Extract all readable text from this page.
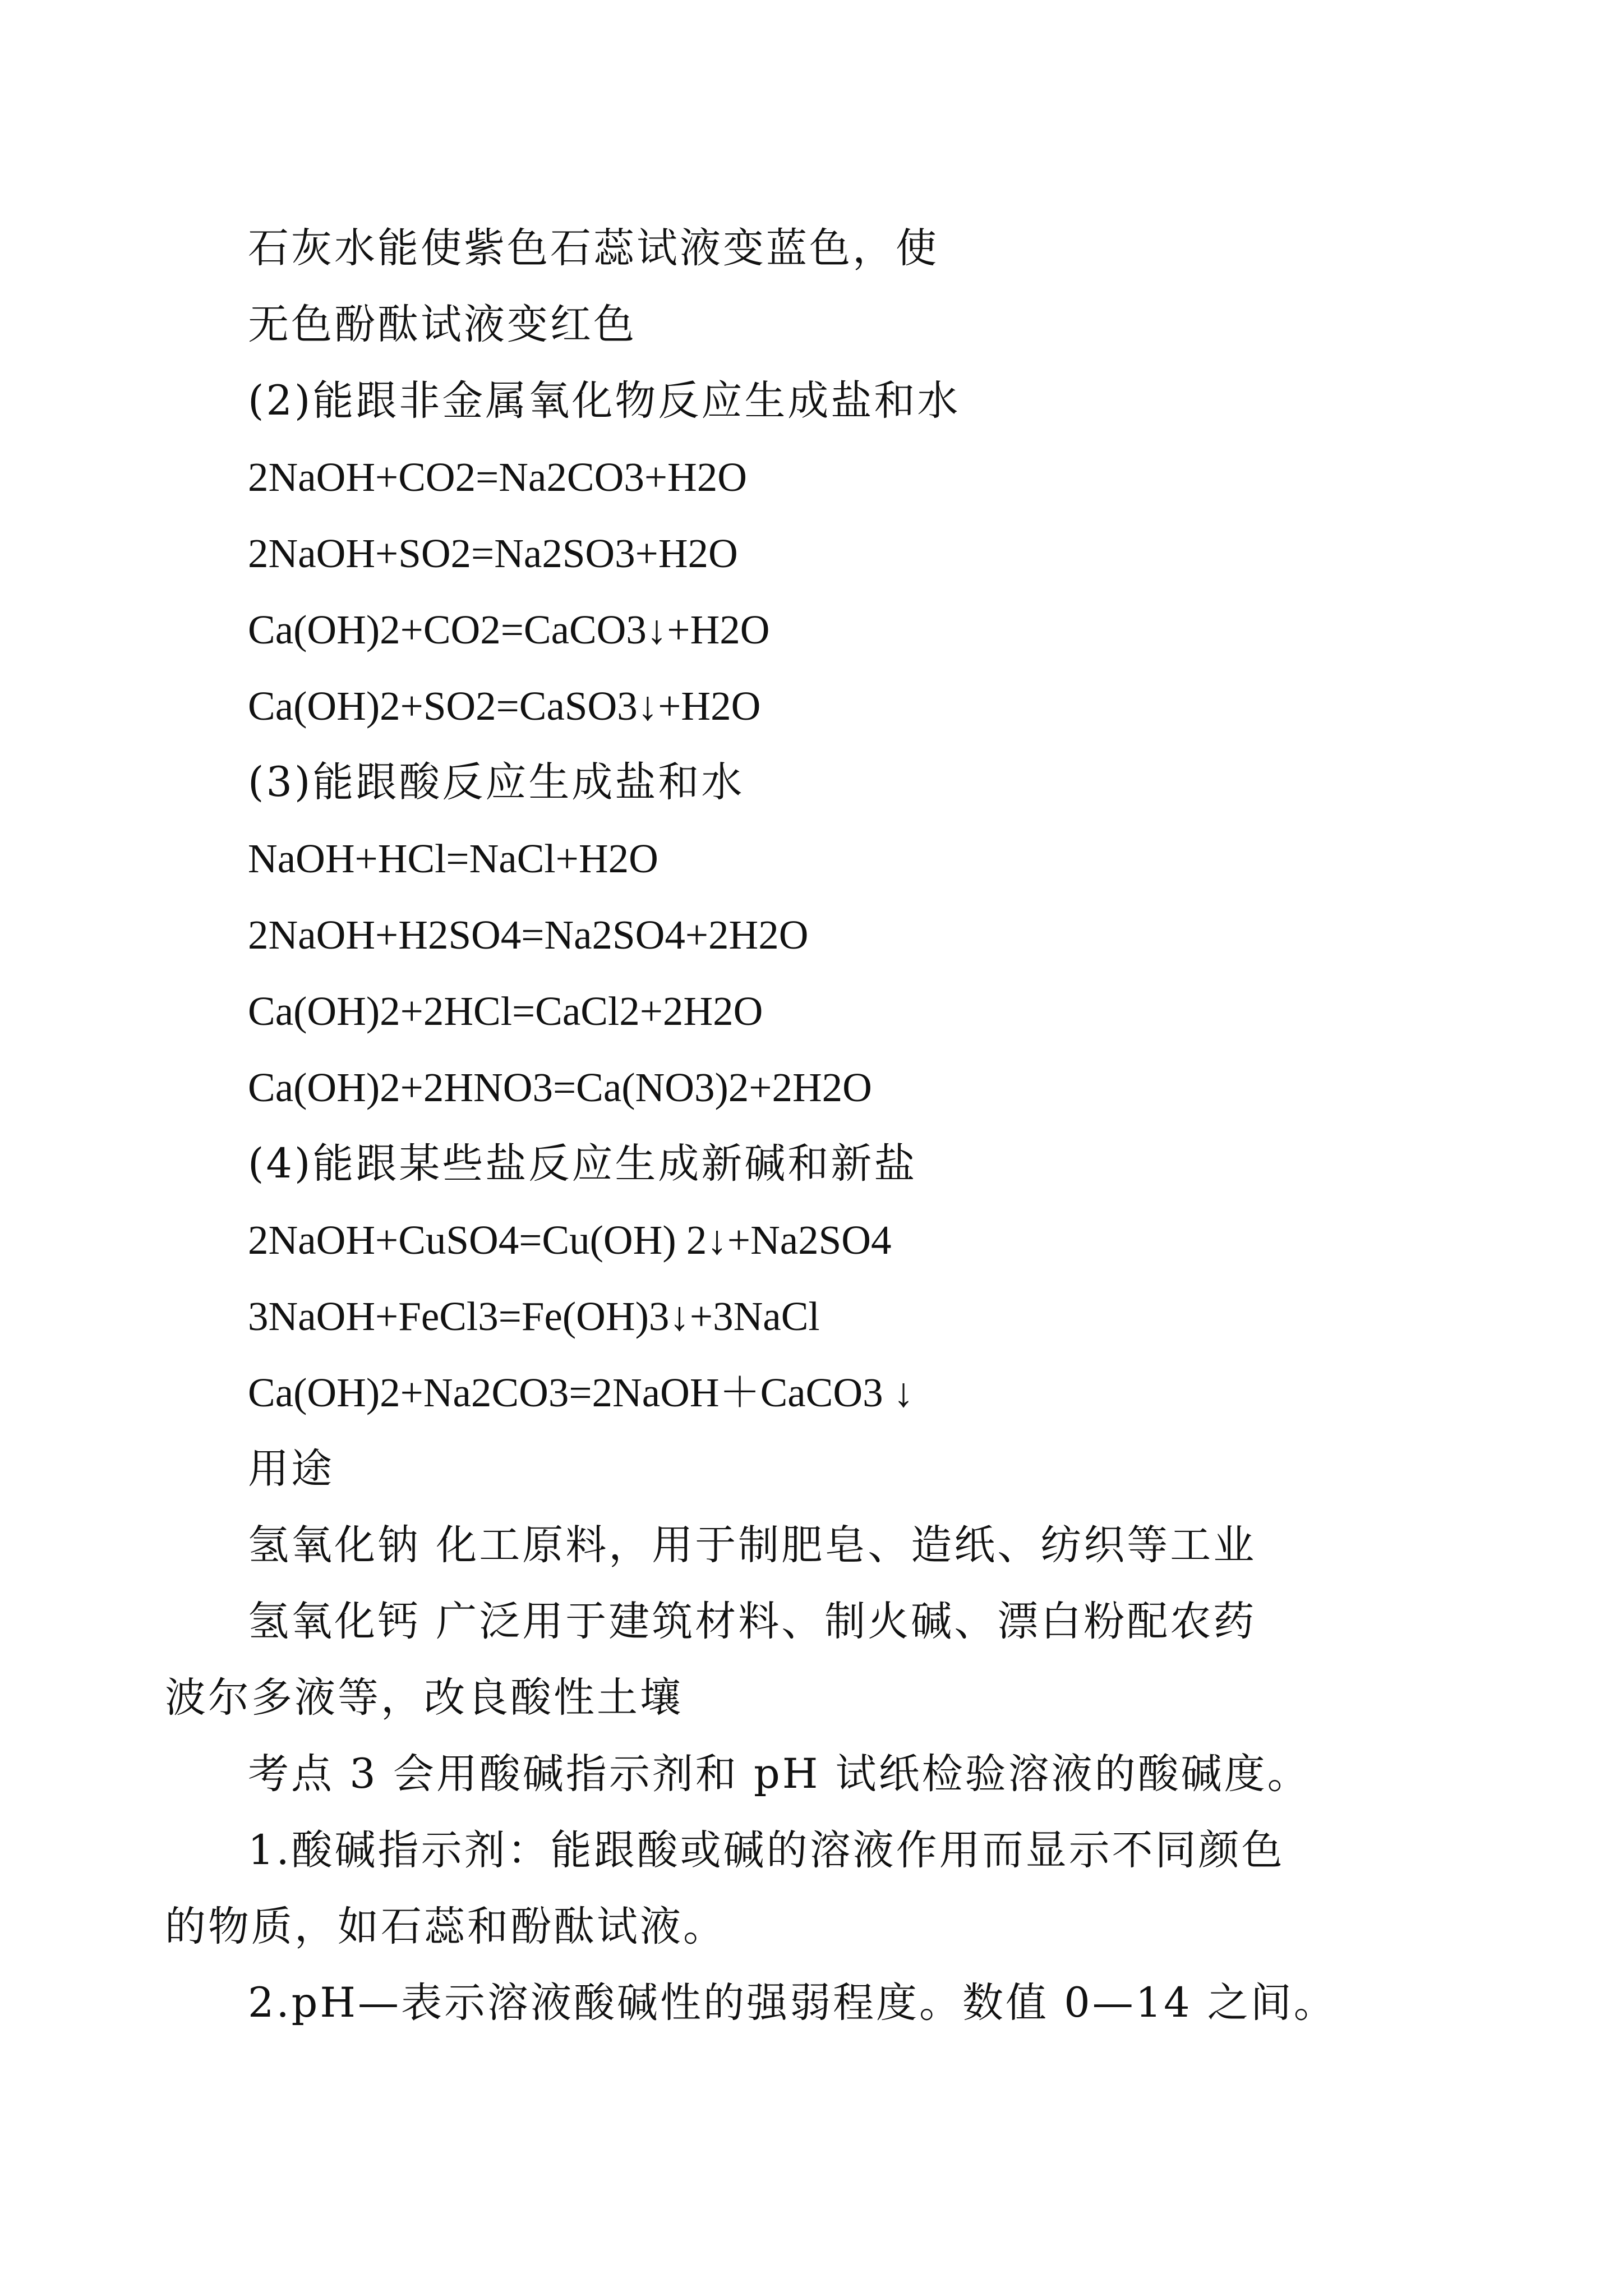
石灰水能使紫色石蕊试液变蓝色，使
无色酚酞试液变红色
(2)能跟非金属氧化物反应生成盐和水
2NaOH+CO2=Na2CO3+H2O
2NaOH+SO2=Na2SO3+H2O
Ca(OH)2+CO2=CaCO3↓+H2O
Ca(OH)2+SO2=CaSO3↓+H2O
(3)能跟酸反应生成盐和水
NaOH+HCl=NaCl+H2O
2NaOH+H2SO4=Na2SO4+2H2O
Ca(OH)2+2HCl=CaCl2+2H2O
Ca(OH)2+2HNO3=Ca(NO3)2+2H2O
(4)能跟某些盐反应生成新碱和新盐
2NaOH+CuSO4=Cu(OH) 2↓+Na2SO4
3NaOH+FeCl3=Fe(OH)3↓+3NaCl
Ca(OH)2+Na2CO3=2NaOH＋CaCO3 ↓
用途
氢氧化钠 化工原料，用于制肥皂、造纸、纺织等工业
氢氧化钙 广泛用于建筑材料、制火碱、漂白粉配农药
波尔多液等，改良酸性土壤
考点 3 会用酸碱指示剂和 pH 试纸检验溶液的酸碱度。
1.酸碱指示剂：能跟酸或碱的溶液作用而显示不同颜色
的物质，如石蕊和酚酞试液。
2.pH—表示溶液酸碱性的强弱程度。数值 0—14 之间。
